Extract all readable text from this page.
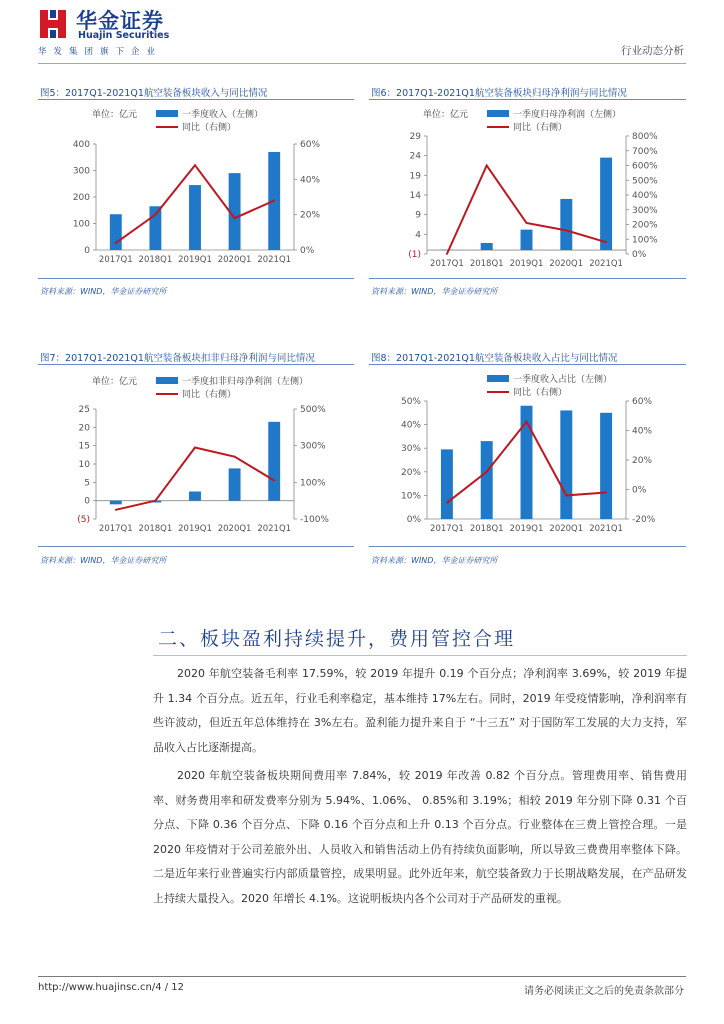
华金证券
Huajin Securities
华发集团旗下企业	行业动态分析
图5：2017Q1-2021Q1航空装备板块收入与同比情况
单位：亿元	一季度收入（左侧）
同比（右侧）
0
100
200
300
400
0%
20%
40%
60%
2017Q1 2018Q1 2019Q1 2020Q1 2021Q1
资料来源：WIND，华金证券研究所
图6：2017Q1-2021Q1航空装备板块归母净利润与同比情况
单位：亿元	一季度归母净利润（左侧）
同比（右侧）
(1)
4
9
14
19
24
29
0%
100%
200%
300%
400%
500%
600%
700%
800%
2017Q1 2018Q1 2019Q1 2020Q1 2021Q1
资料来源：WIND，华金证券研究所
图7：2017Q1-2021Q1航空装备板块扣非归母净利润与同比情况
单位：亿元	一季度扣非归母净利润（左侧）
同比（右侧）
(5)
0
5
10
15
20
25
-100%
100%
300%
500%
2017Q1 2018Q1 2019Q1 2020Q1 2021Q1
资料来源：WIND，华金证券研究所
图8：2017Q1-2021Q1航空装备板块收入占比与同比情况
一季度收入占比（左侧）
同比（右侧）
0%
10%
20%
30%
40%
50%
-20%
0%
20%
40%
60%
2017Q1 2018Q1 2019Q1 2020Q1 2021Q1
资料来源：WIND，华金证券研究所
二、板块盈利持续提升，费用管控合理
2020 年航空装备毛利率 17.59%，较 2019 年提升 0.19 个百分点；净利润率 3.69%，较 2019 年提升 1.34 个百分点。近五年，行业毛利率稳定，基本维持 17%左右。同时，2019 年受疫情影响，净利润率有些许波动，但近五年总体维持在 3%左右。盈利能力提升来自于 “十三五” 对于国防军工发展的大力支持，军品收入占比逐渐提高。
2020 年航空装备板块期间费用率 7.84%，较 2019 年改善 0.82 个百分点。管理费用率、销售费用率、财务费用率和研发费率分别为 5.94%、1.06%、 0.85%和 3.19%；相较 2019 年分别下降 0.31 个百分点、下降 0.36 个百分点、下降 0.16 个百分点和上升 0.13 个百分点。行业整体在三费上管控合理。一是 2020 年疫情对于公司差旅外出、人员收入和销售活动上仍有持续负面影响，所以导致三费费用率整体下降。二是近年来行业普遍实行内部质量管控，成果明显。此外近年来，航空装备致力于长期战略发展，在产品研发上持续大量投入。2020 年增长 4.1%。这说明板块内各个公司对于产品研发的重视。
http://www.huajinsc.cn/4 / 12	请务必阅读正文之后的免责条款部分
